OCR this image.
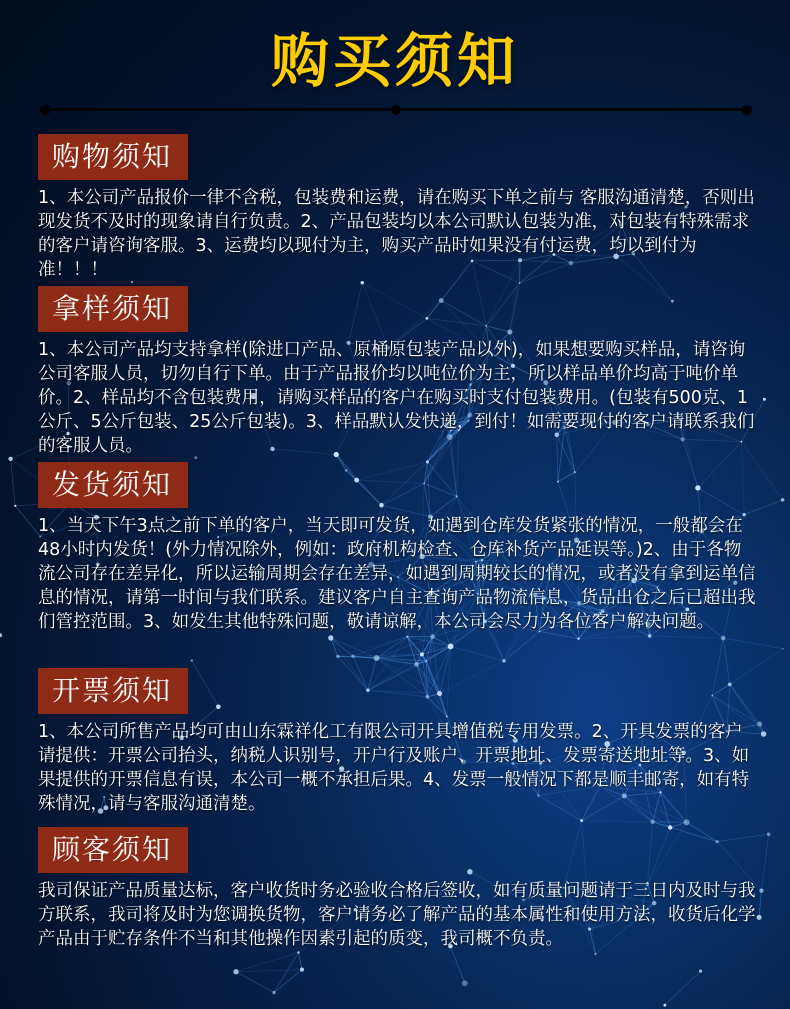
购买须知
购物须知
1、本公司产品报价一律不含税，包装费和运费，请在购买下单之前与 客服沟通清楚，否则出现发货不及时的现象请自行负责。2、产品包装均以本公司默认包装为准，对包装有特殊需求的客户请咨询客服。3、运费均以现付为主，购买产品时如果没有付运费，均以到付为准！！！
拿样须知
1、本公司产品均支持拿样(除进口产品、原桶原包装产品以外)，如果想要购买样品，请咨询公司客服人员，切勿自行下单。由于产品报价均以吨位价为主，所以样品单价均高于吨价单价。2、样品均不含包装费用，请购买样品的客户在购买时支付包装费用。(包装有500克、1公斤、5公斤包装、25公斤包装)。3、样品默认发快递，到付！如需要现付的客户请联系我们的客服人员。
发货须知
1、当天下午3点之前下单的客户，当天即可发货，如遇到仓库发货紧张的情况，一般都会在48小时内发货！(外力情况除外，例如：政府机构检查、仓库补货产品延误等。)2、由于各物流公司存在差异化，所以运输周期会存在差异，如遇到周期较长的情况，或者没有拿到运单信息的情况，请第一时间与我们联系。建议客户自主查询产品物流信息，货品出仓之后已超出我们管控范围。3、如发生其他特殊问题，敬请谅解，本公司会尽力为各位客户解决问题。
开票须知
1、本公司所售产品均可由山东霖祥化工有限公司开具增值税专用发票。2、开具发票的客户请提供：开票公司抬头，纳税人识别号，开户行及账户、开票地址、发票寄送地址等。3、如果提供的开票信息有误，本公司一概不承担后果。4、发票一般情况下都是顺丰邮寄，如有特殊情况，请与客服沟通清楚。
顾客须知
我司保证产品质量达标，客户收货时务必验收合格后签收，如有质量问题请于三日内及时与我方联系，我司将及时为您调换货物，客户请务必了解产品的基本属性和使用方法，收货后化学产品由于贮存条件不当和其他操作因素引起的质变，我司概不负责。
